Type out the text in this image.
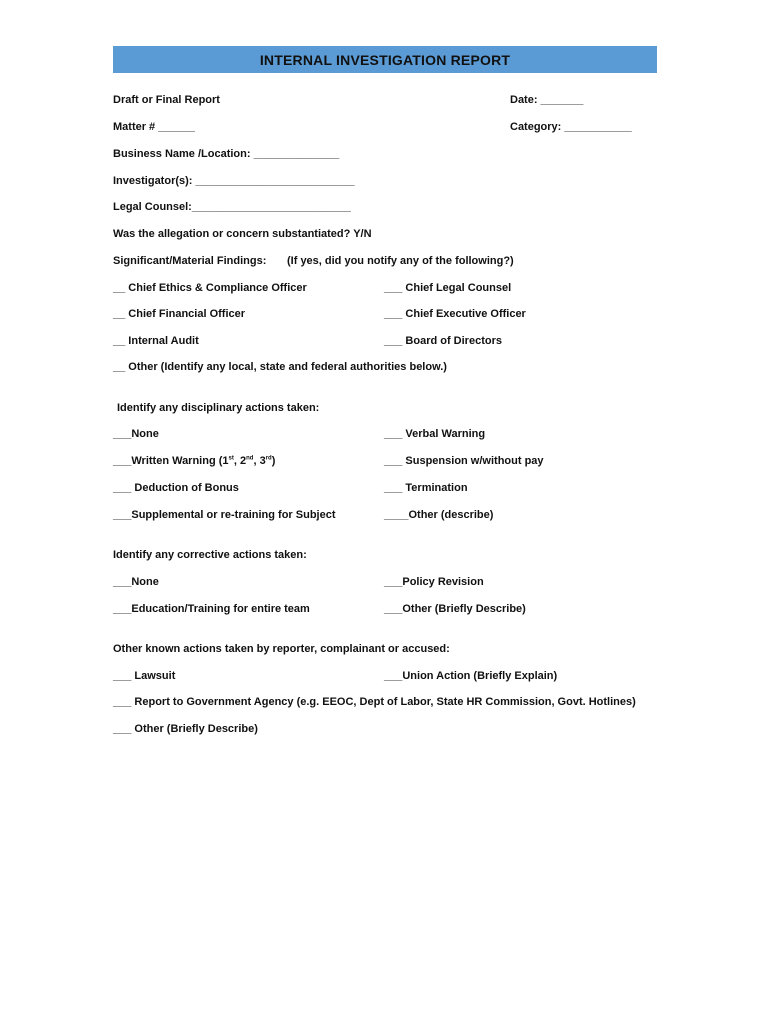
INTERNAL INVESTIGATION REPORT
Draft or Final Report	Date: _______
Matter # ______	Category: ___________
Business Name /Location: ______________
Investigator(s): __________________________
Legal Counsel:__________________________
Was the allegation or concern substantiated? Y/N
Significant/Material Findings: (If yes, did you notify any of the following?)
__ Chief Ethics & Compliance Officer	___ Chief Legal Counsel
__ Chief Financial Officer	___ Chief Executive Officer
__ Internal Audit	___ Board of Directors
__ Other (Identify any local, state and federal authorities below.)
Identify any disciplinary actions taken:
___None	___ Verbal Warning
___Written Warning (1st, 2nd, 3rd)	___ Suspension w/without pay
___ Deduction of Bonus	___ Termination
___Supplemental or re-training for Subject	____Other (describe)
Identify any corrective actions taken:
___None	___Policy Revision
___Education/Training for entire team	___Other (Briefly Describe)
Other known actions taken by reporter, complainant or accused:
___ Lawsuit	___Union Action (Briefly Explain)
___ Report to Government Agency (e.g. EEOC, Dept of Labor, State HR Commission, Govt. Hotlines)
___ Other (Briefly Describe)
